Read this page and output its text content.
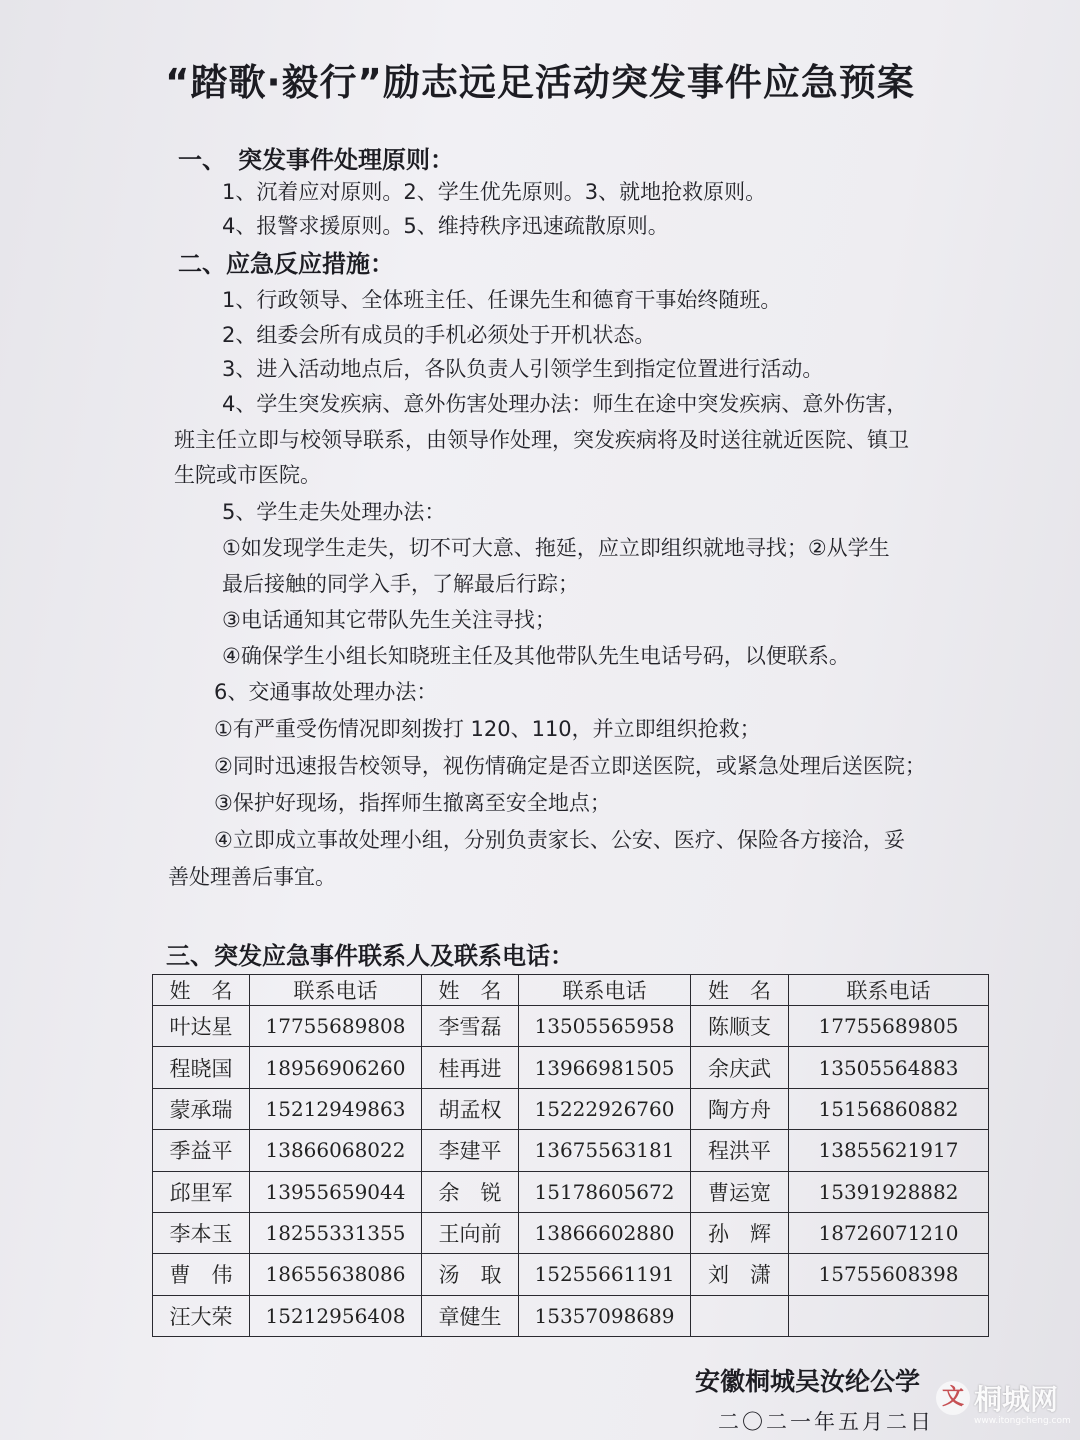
“踏歌·毅行”励志远足活动突发事件应急预案
一、　突发事件处理原则：
1、沉着应对原则。2、学生优先原则。3、就地抢救原则。
4、报警求援原则。5、维持秩序迅速疏散原则。
二、应急反应措施：
1、行政领导、全体班主任、任课先生和德育干事始终随班。
2、组委会所有成员的手机必须处于开机状态。
3、进入活动地点后，各队负责人引领学生到指定位置进行活动。
4、学生突发疾病、意外伤害处理办法：师生在途中突发疾病、意外伤害，
班主任立即与校领导联系，由领导作处理，突发疾病将及时送往就近医院、镇卫
生院或市医院。
5、学生走失处理办法：
①如发现学生走失，切不可大意、拖延，应立即组织就地寻找；②从学生
最后接触的同学入手，了解最后行踪；
③电话通知其它带队先生关注寻找；
④确保学生小组长知晓班主任及其他带队先生电话号码，以便联系。
6、交通事故处理办法：
①有严重受伤情况即刻拨打 120、110，并立即组织抢救；
②同时迅速报告校领导，视伤情确定是否立即送医院，或紧急处理后送医院；
③保护好现场，指挥师生撤离至安全地点；
④立即成立事故处理小组，分别负责家长、公安、医疗、保险各方接洽，妥
善处理善后事宜。
三、突发应急事件联系人及联系电话：
姓　名	联系电话	姓　名	联系电话	姓　名	联系电话
叶达星	17755689808	李雪磊	13505565958	陈顺支	17755689805
程晓国	18956906260	桂再进	13966981505	余庆武	13505564883
蒙承瑞	15212949863	胡孟权	15222926760	陶方舟	15156860882
季益平	13866068022	李建平	13675563181	程洪平	13855621917
邱里军	13955659044	余　锐	15178605672	曹运宽	15391928882
李本玉	18255331355	王向前	13866602880	孙　辉	18726071210
曹　伟	18655638086	汤　取	15255661191	刘　潇	15755608398
汪大荣	15212956408	章健生	15357098689		
安徽桐城吴汝纶公学
二〇二一年五月二日
文 桐城网
www.itongcheng.com
